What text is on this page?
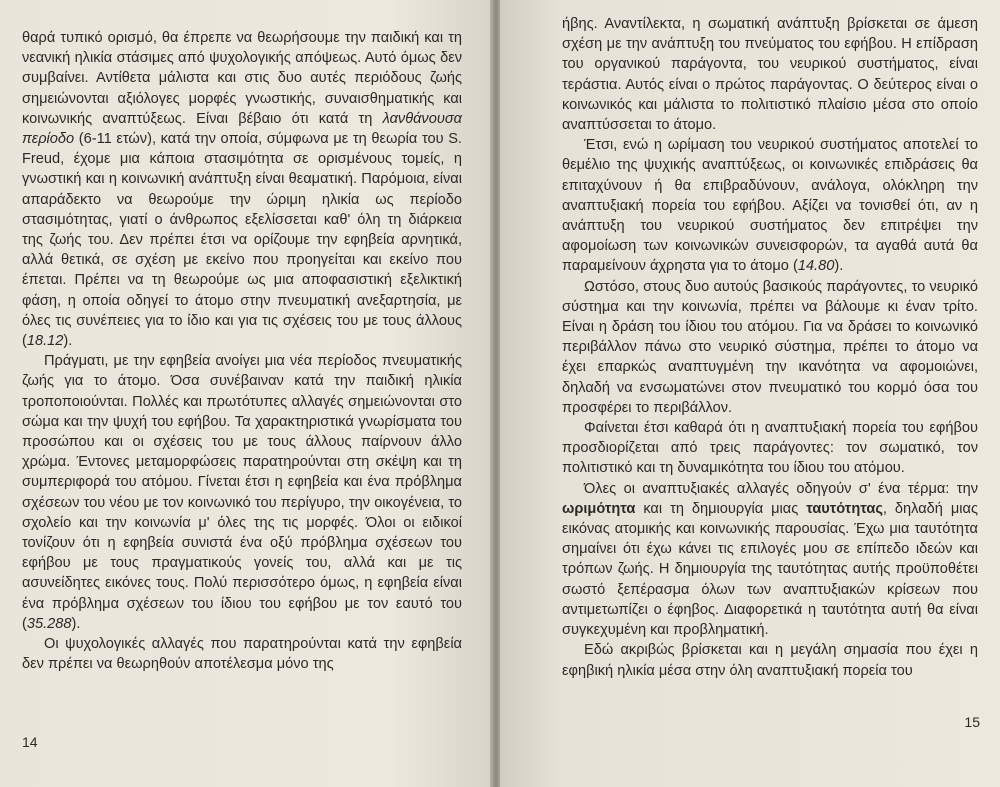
θαρά τυπικό ορισμό, θα έπρεπε να θεωρήσουμε την παιδική και τη νεανική ηλικία στάσιμες από ψυχολογικής απόψεως. Αυτό όμως δεν συμβαίνει. Αντίθετα μάλιστα και στις δυο αυτές περιόδους ζωής σημειώνονται αξιόλογες μορφές γνωστικής, συναισθηματικής και κοινωνικής αναπτύξεως. Είναι βέβαιο ότι κατά τη λανθάνουσα περίοδο (6-11 ετών), κατά την οποία, σύμφωνα με τη θεωρία του S. Freud, έχομε μια κάποια στασιμότητα σε ορισμένους τομείς, η γνωστική και η κοινωνική ανάπτυξη είναι θεαματική. Παρόμοια, είναι απαράδεκτο να θεωρούμε την ώριμη ηλικία ως περίοδο στασιμότητας, γιατί ο άνθρωπος εξελίσσεται καθ' όλη τη διάρκεια της ζωής του. Δεν πρέπει έτσι να ορίζουμε την εφηβεία αρνητικά, αλλά θετικά, σε σχέση με εκείνο που προηγείται και εκείνο που έπεται. Πρέπει να τη θεωρούμε ως μια αποφασιστική εξελικτική φάση, η οποία οδηγεί το άτομο στην πνευματική ανεξαρτησία, με όλες τις συνέπειες για το ίδιο και για τις σχέσεις του με τους άλλους (18.12).

Πράγματι, με την εφηβεία ανοίγει μια νέα περίοδος πνευματικής ζωής για το άτομο. Όσα συνέβαιναν κατά την παιδική ηλικία τροποποιούνται. Πολλές και πρωτότυπες αλλαγές σημειώνονται στο σώμα και την ψυχή του εφήβου. Τα χαρακτηριστικά γνωρίσματα του προσώπου και οι σχέσεις του με τους άλλους παίρνουν άλλο χρώμα. Έντονες μεταμορφώσεις παρατηρούνται στη σκέψη και τη συμπεριφορά του ατόμου. Γίνεται έτσι η εφηβεία και ένα πρόβλημα σχέσεων του νέου με τον κοινωνικό του περίγυρο, την οικογένεια, το σχολείο και την κοινωνία μ' όλες της τις μορφές. Όλοι οι ειδικοί τονίζουν ότι η εφηβεία συνιστά ένα οξύ πρόβλημα σχέσεων του εφήβου με τους πραγματικούς γονείς του, αλλά και με τις ασυνείδητες εικόνες τους. Πολύ περισσότερο όμως, η εφηβεία είναι ένα πρόβλημα σχέσεων του ίδιου του εφήβου με τον εαυτό του (35.288).

Οι ψυχολογικές αλλαγές που παρατηρούνται κατά την εφηβεία δεν πρέπει να θεωρηθούν αποτέλεσμα μόνο της

14

ήβης. Αναντίλεκτα, η σωματική ανάπτυξη βρίσκεται σε άμεση σχέση με την ανάπτυξη του πνεύματος του εφήβου. Η επίδραση του οργανικού παράγοντα, του νευρικού συστήματος, είναι τεράστια. Αυτός είναι ο πρώτος παράγοντας. Ο δεύτερος είναι ο κοινωνικός και μάλιστα το πολιτιστικό πλαίσιο μέσα στο οποίο αναπτύσσεται το άτομο.

Έτσι, ενώ η ωρίμαση του νευρικού συστήματος αποτελεί το θεμέλιο της ψυχικής αναπτύξεως, οι κοινωνικές επιδράσεις θα επιταχύνουν ή θα επιβραδύνουν, ανάλογα, ολόκληρη την αναπτυξιακή πορεία του εφήβου. Αξίζει να τονισθεί ότι, αν η ανάπτυξη του νευρικού συστήματος δεν επιτρέψει την αφομοίωση των κοινωνικών συνεισφορών, τα αγαθά αυτά θα παραμείνουν άχρηστα για το άτομο (14.80).

Ωστόσο, στους δυο αυτούς βασικούς παράγοντες, το νευρικό σύστημα και την κοινωνία, πρέπει να βάλουμε κι έναν τρίτο. Είναι η δράση του ίδιου του ατόμου. Για να δράσει το κοινωνικό περιβάλλον πάνω στο νευρικό σύστημα, πρέπει το άτομο να έχει επαρκώς αναπτυγμένη την ικανότητα να αφομοιώνει, δηλαδή να ενσωματώνει στον πνευματικό του κορμό όσα του προσφέρει το περιβάλλον.

Φαίνεται έτσι καθαρά ότι η αναπτυξιακή πορεία του εφήβου προσδιορίζεται από τρεις παράγοντες: τον σωματικό, τον πολιτιστικό και τη δυναμικότητα του ίδιου του ατόμου.

Όλες οι αναπτυξιακές αλλαγές οδηγούν σ' ένα τέρμα: την ωριμότητα και τη δημιουργία μιας ταυτότητας, δηλαδή μιας εικόνας ατομικής και κοινωνικής παρουσίας. Έχω μια ταυτότητα σημαίνει ότι έχω κάνει τις επιλογές μου σε επίπεδο ιδεών και τρόπων ζωής. Η δημιουργία της ταυτότητας αυτής προϋποθέτει σωστό ξεπέρασμα όλων των αναπτυξιακών κρίσεων που αντιμετωπίζει ο έφηβος. Διαφορετικά η ταυτότητα αυτή θα είναι συγκεχυμένη και προβληματική.

Εδώ ακριβώς βρίσκεται και η μεγάλη σημασία που έχει η εφηβική ηλικία μέσα στην όλη αναπτυξιακή πορεία του

15
